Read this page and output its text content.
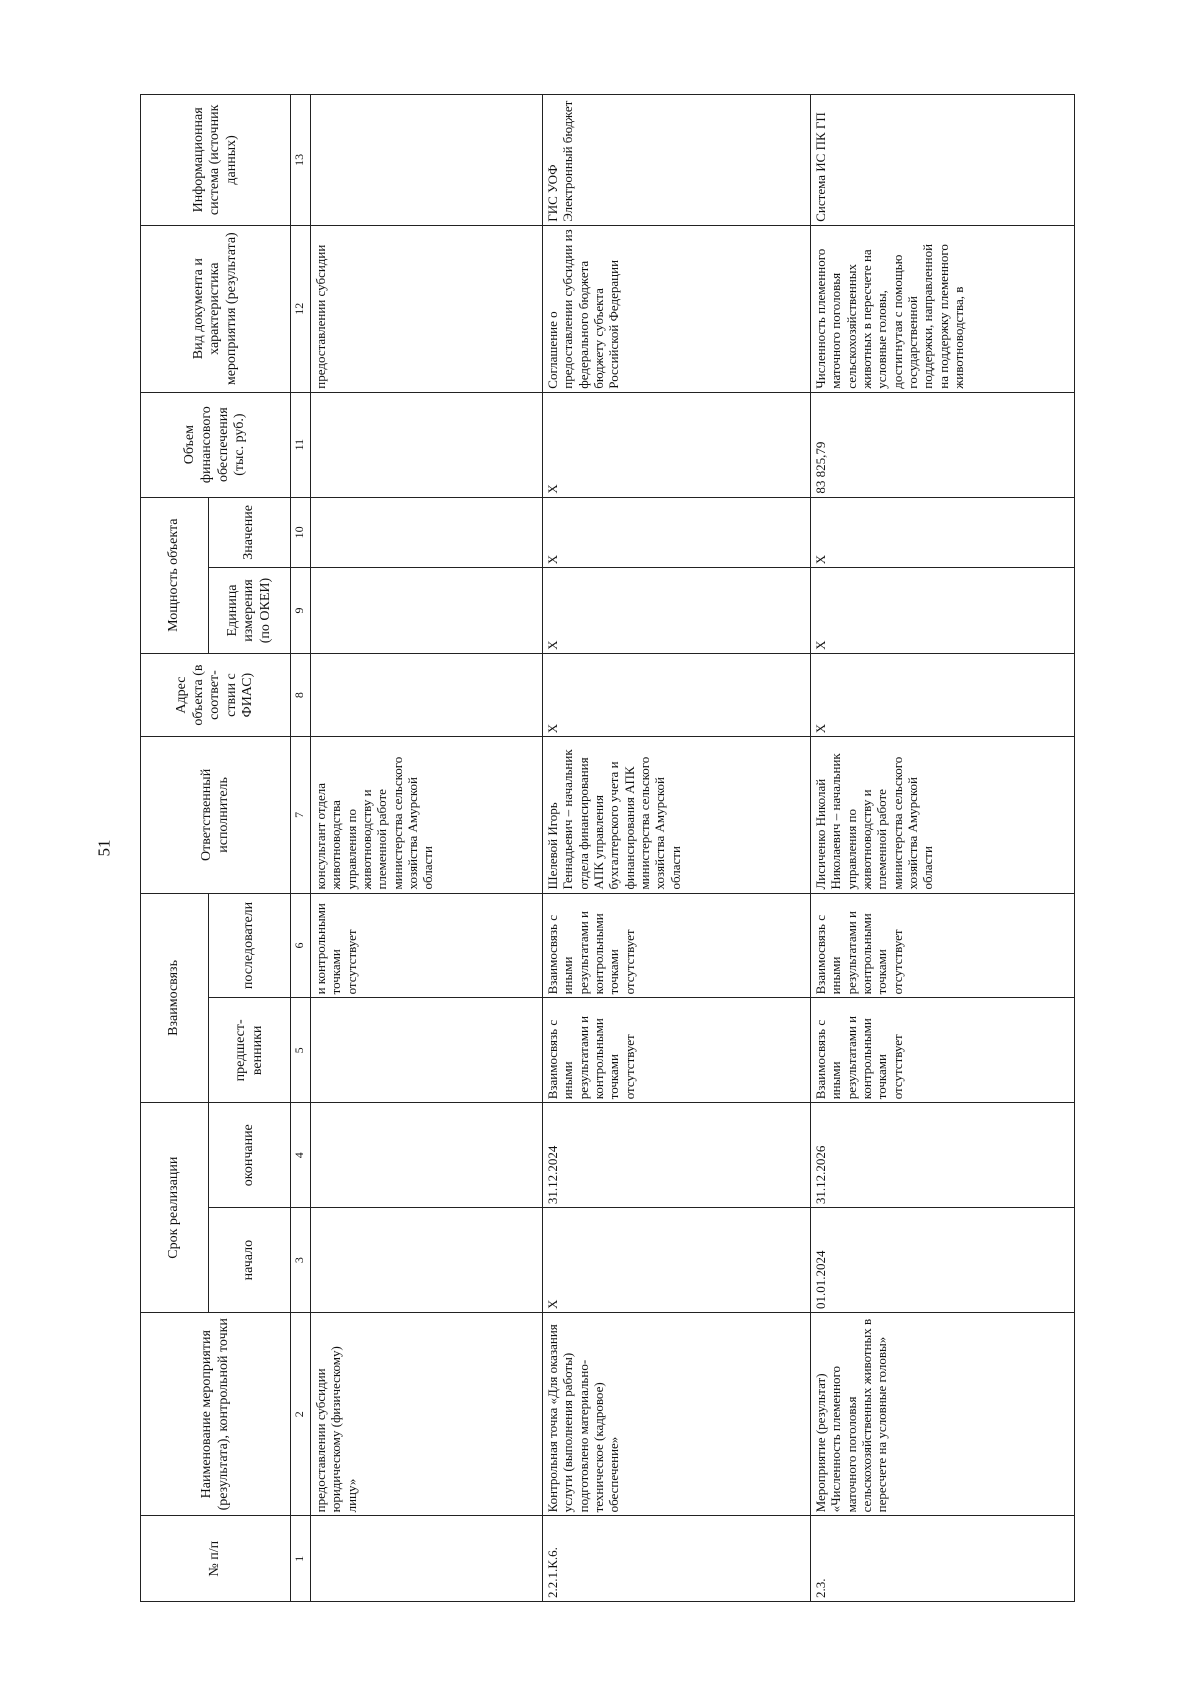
51
№ п/п	Наименование мероприятия (результата), контрольной точки	Срок реализации		Взаимосвязь		Ответственный исполнитель	Адрес объекта (в соответ-ствии с ФИАС)	Мощность объекта		Объем финансового обеспечения (тыс. руб.)	Вид документа и характеристика мероприятия (результата)	Информационная система (источник данных)
		начало	окончание	предшест-венники	последователи			Единица измерения (по ОКЕИ)	Значение			
1	2	3	4	5	6	7	8	9	10	11	12	13
	предоставлении субсидии юридическому (физическому) лицу»				и контрольными точками отсутствует	консультант отдела животноводства управления по животноводству и племенной работе министерства сельского хозяйства Амурской области					предоставлении субсидии	
2.2.1.К.6.	Контрольная точка «Для оказания услуги (выполнения работы) подготовлено материально-техническое (кадровое) обеспечение»	X	31.12.2024	Взаимосвязь с иными результатами и контрольными точками отсутствует	Взаимосвязь с иными результатами и контрольными точками отсутствует	Шелевой Игорь Геннадьевич – начальник отдела финансирования АПК управления бухгалтерского учета и финансирования АПК министерства сельского хозяйства Амурской области	X	X	X	X	Соглашение о предоставлении субсидии из федерального бюджета бюджету субъекта Российской Федерации	ГИС УОФ Электронный бюджет
2.3.	Мероприятие (результат) «Численность племенного маточного поголовья сельскохозяйственных животных в пересчете на условные головы»	01.01.2024	31.12.2026	Взаимосвязь с иными результатами и контрольными точками отсутствует	Взаимосвязь с иными результатами и контрольными точками отсутствует	Лисиченко Николай Николаевич – начальник управления по животноводству и племенной работе министерства сельского хозяйства Амурской области	X	X	X	83 825,79	Численность племенного маточного поголовья сельскохозяйственных животных в пересчете на условные головы, достигнутая с помощью государственной поддержки, направленной на поддержку племенного животноводства, в	Система ИС ПК ГП
